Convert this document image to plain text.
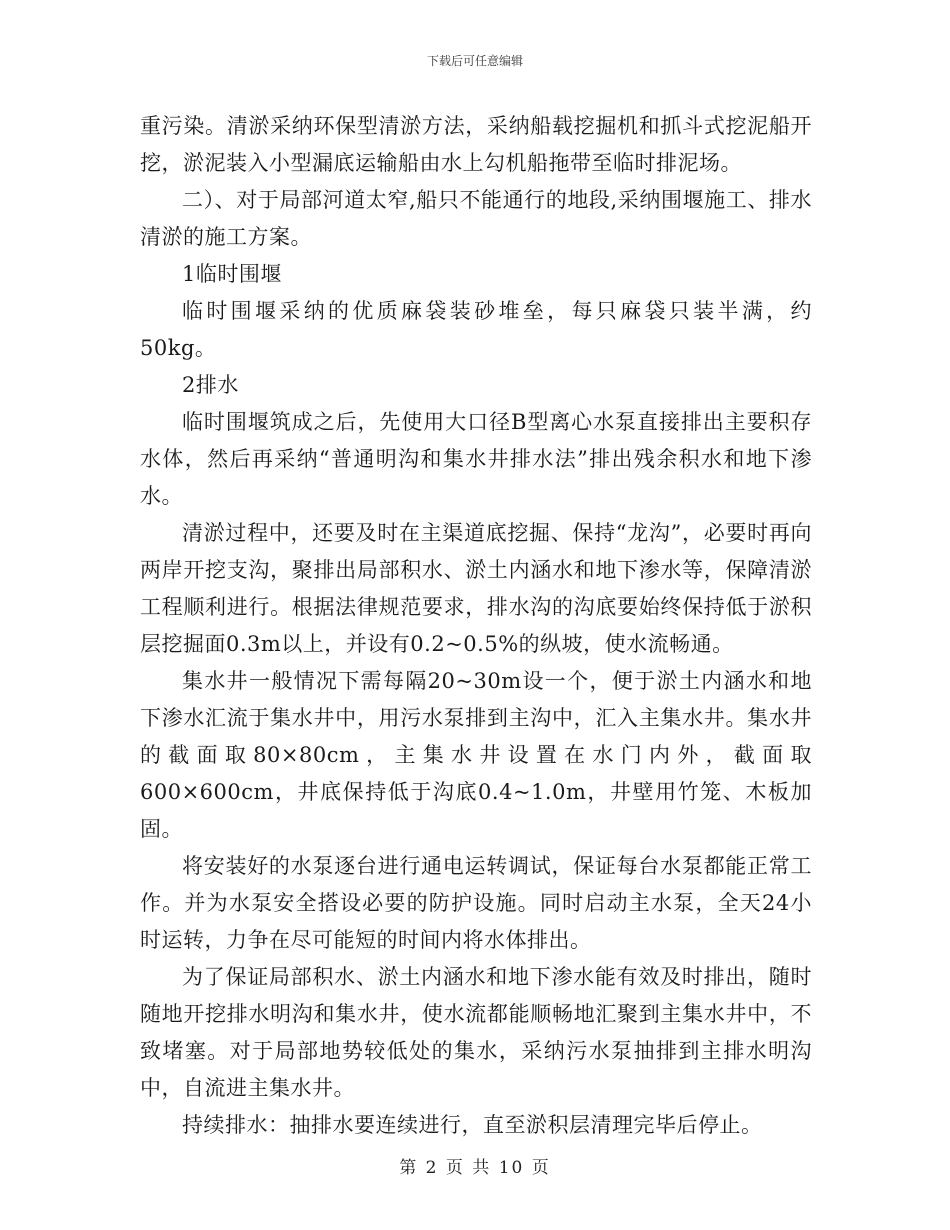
下载后可任意编辑

重污染。清淤采纳环保型清淤方法，采纳船载挖掘机和抓斗式挖泥船开挖，淤泥装入小型漏底运输船由水上勾机船拖带至临时排泥场。

二）、对于局部河道太窄,船只不能通行的地段,采纳围堰施工、排水清淤的施工方案。

1临时围堰

临时围堰采纳的优质麻袋装砂堆垒，每只麻袋只装半满，约50kg。

2排水

临时围堰筑成之后，先使用大口径B型离心水泵直接排出主要积存水体，然后再采纳“普通明沟和集水井排水法”排出残余积水和地下渗水。

清淤过程中，还要及时在主渠道底挖掘、保持“龙沟”，必要时再向两岸开挖支沟，聚排出局部积水、淤土内涵水和地下渗水等，保障清淤工程顺利进行。根据法律规范要求，排水沟的沟底要始终保持低于淤积层挖掘面0.3m以上，并设有0.2~0.5%的纵坡，使水流畅通。

集水井一般情况下需每隔20~30m设一个，便于淤土内涵水和地下渗水汇流于集水井中，用污水泵排到主沟中，汇入主集水井。集水井的截面取80×80cm，主集水井设置在水门内外，截面取600×600cm，井底保持低于沟底0.4~1.0m，井壁用竹笼、木板加固。

将安装好的水泵逐台进行通电运转调试，保证每台水泵都能正常工作。并为水泵安全搭设必要的防护设施。同时启动主水泵，全天24小时运转，力争在尽可能短的时间内将水体排出。

为了保证局部积水、淤土内涵水和地下渗水能有效及时排出，随时随地开挖排水明沟和集水井，使水流都能顺畅地汇聚到主集水井中，不致堵塞。对于局部地势较低处的集水，采纳污水泵抽排到主排水明沟中，自流进主集水井。

持续排水：抽排水要连续进行，直至淤积层清理完毕后停止。

第 2 页 共 10 页
